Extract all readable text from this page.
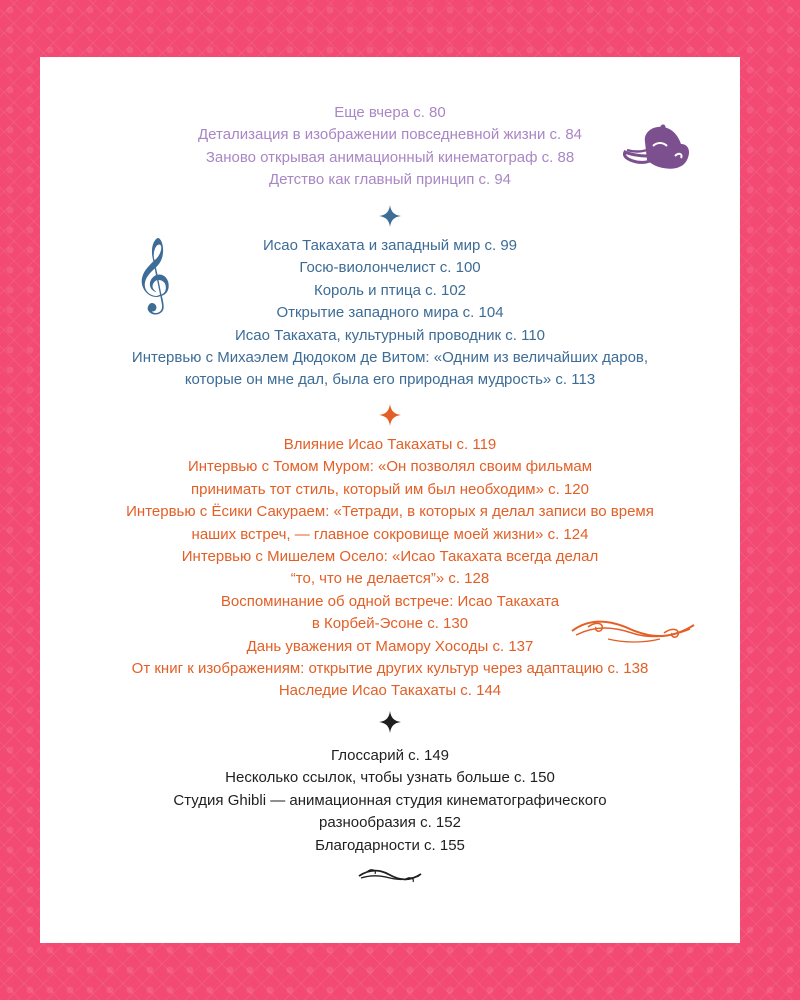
Еще вчера с. 80
Детализация в изображении повседневной жизни с. 84
Заново открывая анимационный кинематограф с. 88
Детство как главный принцип с. 94
Исао Такахата и западный мир с. 99
Госю-виолончелист с. 100
Король и птица с. 102
Открытие западного мира с. 104
Исао Такахата, культурный проводник с. 110
Интервью с Михаэлем Дюдоком де Витом: «Одним из величайших даров,
которые он мне дал, была его природная мудрость» с. 113
𝄞
Влияние Исао Такахаты с. 119
Интервью с Томом Муром: «Он позволял своим фильмам
принимать тот стиль, который им был необходим» с. 120
Интервью с Ёсики Сакураем: «Тетради, в которых я делал записи во время
наших встреч, — главное сокровище моей жизни» с. 124
Интервью с Мишелем Осело: «Исао Такахата всегда делал
“то, что не делается”» с. 128
Воспоминание об одной встрече: Исао Такахата
в Корбей-Эсоне с. 130
Дань уважения от Мамору Хосоды с. 137
От книг к изображениям: открытие других культур через адаптацию с. 138
Наследие Исао Такахаты с. 144
Глоссарий с. 149
Несколько ссылок, чтобы узнать больше с. 150
Студия Ghibli — анимационная студия кинематографического
разнообразия с. 152
Благодарности с. 155
